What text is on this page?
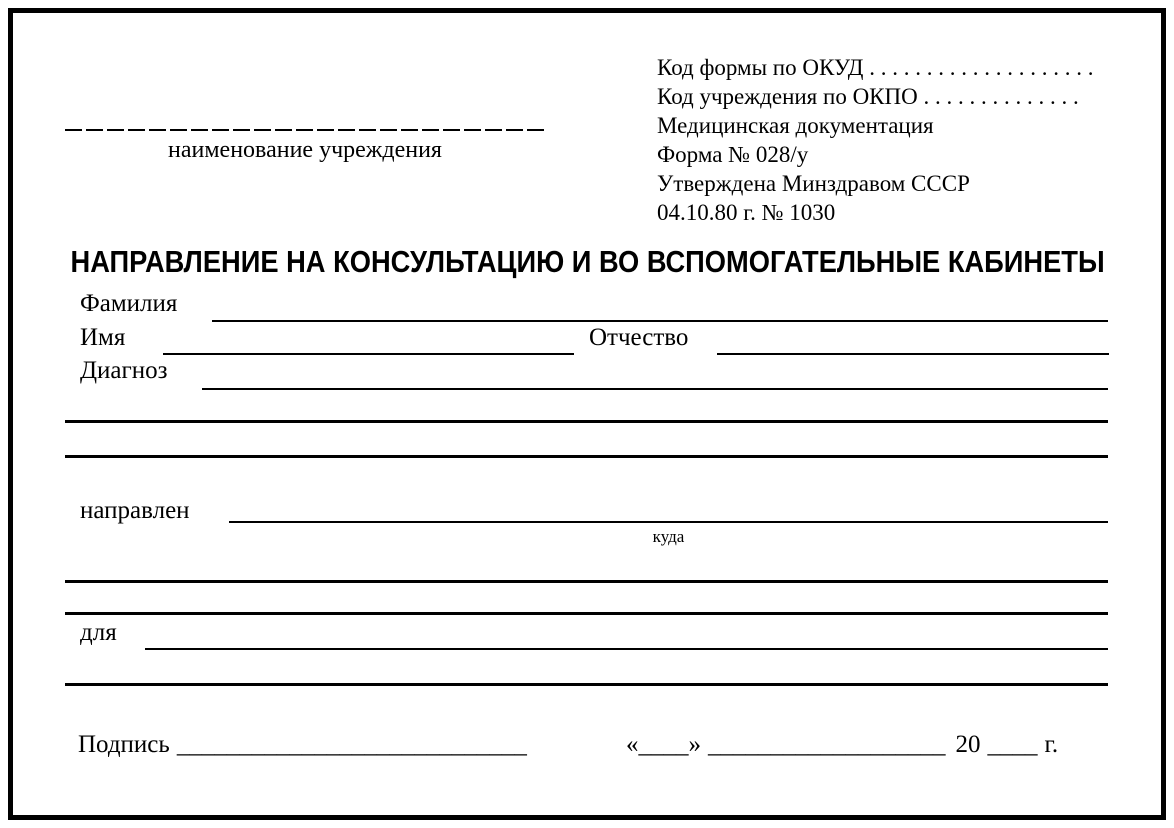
наименование учреждения
Код формы по ОКУД . . . . . . . . . . . . . . . . . . . .
Код учреждения по ОКПО . . . . . . . . . . . . . .
Медицинская документация
Форма № 028/у
Утверждена Минздравом СССР
04.10.80 г. № 1030
НАПРАВЛЕНИЕ НА КОНСУЛЬТАЦИЮ И ВО ВСПОМОГАТЕЛЬНЫЕ КАБИНЕТЫ
Фамилия
Имя	Отчество
Диагноз
направлен
куда
для
Подпись ____________________________	«____» ___________________ 20 ____ г.
